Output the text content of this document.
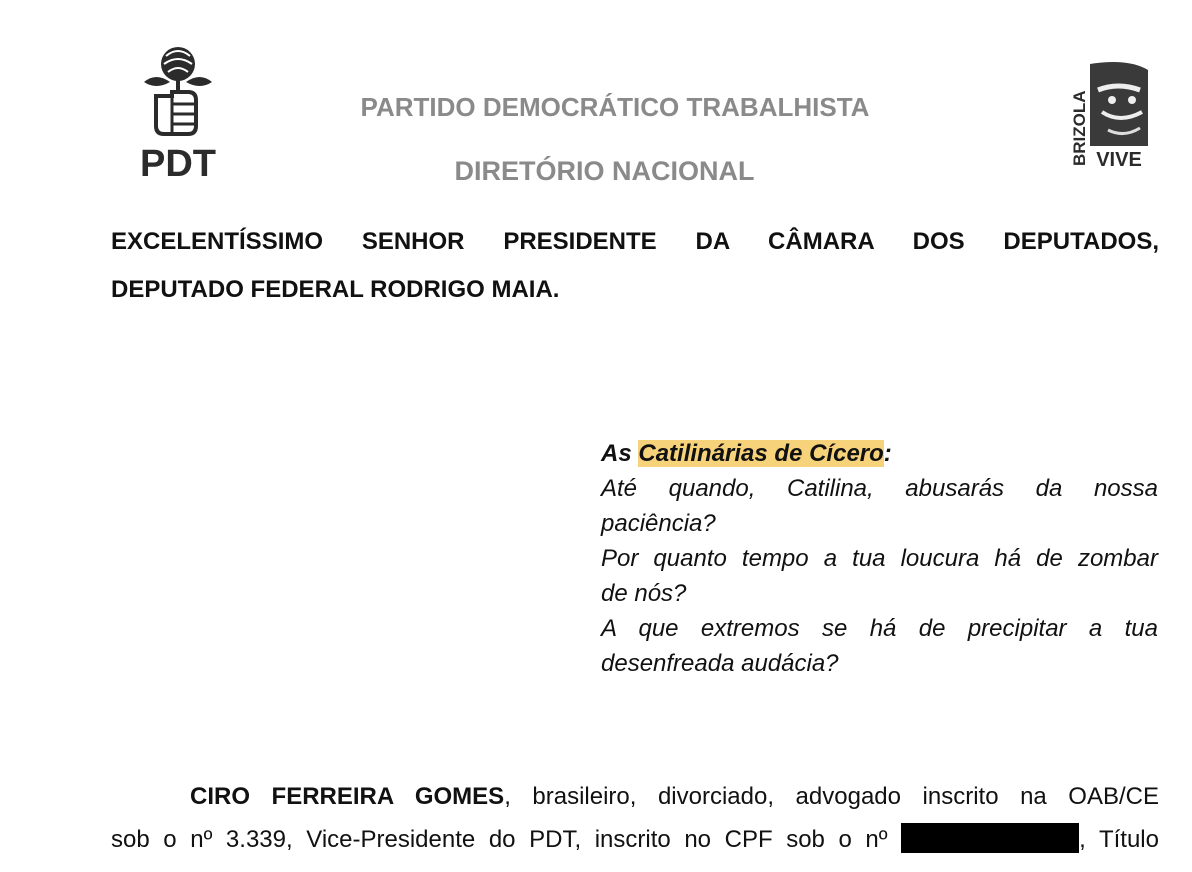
PDT	BRIZOLA VIVE
PARTIDO DEMOCRÁTICO TRABALHISTA
DIRETÓRIO NACIONAL
EXCELENTÍSSIMO SENHOR PRESIDENTE DA CÂMARA DOS DEPUTADOS,
DEPUTADO FEDERAL RODRIGO MAIA.
As Catilinárias de Cícero:
Até quando, Catilina, abusarás da nossa
paciência?
Por quanto tempo a tua loucura há de zombar
de nós?
A que extremos se há de precipitar a tua
desenfreada audácia?
CIRO FERREIRA GOMES, brasileiro, divorciado, advogado inscrito na OAB/CE
sob o nº 3.339, Vice-Presidente do PDT, inscrito no CPF sob o nº	, Título
